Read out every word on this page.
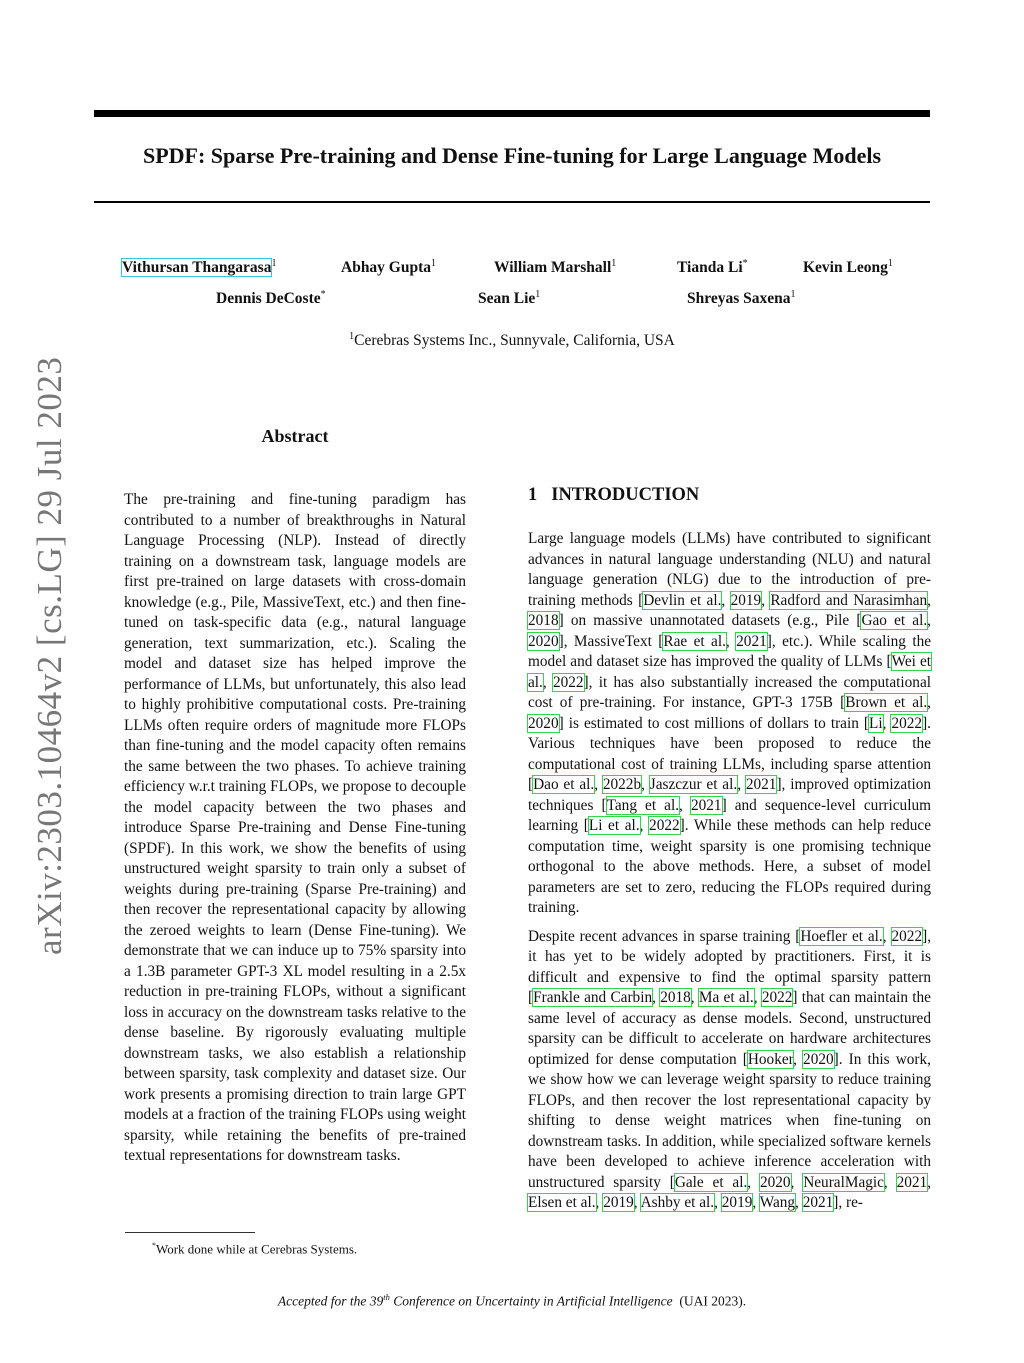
arXiv:2303.10464v2 [cs.LG] 29 Jul 2023
SPDF: Sparse Pre-training and Dense Fine-tuning for Large Language Models
Vithursan Thangarasa$^1$	Abhay Gupta$^1$	William Marshall$^1$	Tianda Li*	Kevin Leong$^1$
Dennis DeCoste*	Sean Lie$^1$	Shreyas Saxena$^1$
$^1$Cerebras Systems Inc., Sunnyvale, California, USA
Abstract

The pre-training and fine-tuning paradigm has contributed to a number of breakthroughs in Natural Language Processing (NLP). Instead of directly training on a downstream task, language models are first pre-trained on large datasets with cross-domain knowledge (e.g., Pile, MassiveText, etc.) and then fine-tuned on task-specific data (e.g., natural language generation, text summarization, etc.). Scaling the model and dataset size has helped improve the performance of LLMs, but unfortunately, this also lead to highly prohibitive computational costs. Pre-training LLMs often require orders of magnitude more FLOPs than fine-tuning and the model capacity often remains the same between the two phases. To achieve training efficiency w.r.t training FLOPs, we propose to decouple the model capacity between the two phases and introduce Sparse Pre-training and Dense Fine-tuning (SPDF). In this work, we show the benefits of using unstructured weight sparsity to train only a subset of weights during pre-training (Sparse Pre-training) and then recover the representational capacity by allowing the zeroed weights to learn (Dense Fine-tuning). We demonstrate that we can induce up to 75% sparsity into a 1.3B parameter GPT-3 XL model resulting in a 2.5x reduction in pre-training FLOPs, without a significant loss in accuracy on the downstream tasks relative to the dense baseline. By rigorously evaluating multiple downstream tasks, we also establish a relationship between sparsity, task complexity and dataset size. Our work presents a promising direction to train large GPT models at a fraction of the training FLOPs using weight sparsity, while retaining the benefits of pre-trained textual representations for downstream tasks.

*Work done while at Cerebras Systems.
1 INTRODUCTION

Large language models (LLMs) have contributed to significant advances in natural language understanding (NLU) and natural language generation (NLG) due to the introduction of pre-training methods [Devlin et al., 2019, Radford and Narasimhan, 2018] on massive unannotated datasets (e.g., Pile [Gao et al., 2020], MassiveText [Rae et al., 2021], etc.). While scaling the model and dataset size has improved the quality of LLMs [Wei et al., 2022], it has also substantially increased the computational cost of pre-training. For instance, GPT-3 175B [Brown et al., 2020] is estimated to cost millions of dollars to train [Li, 2022]. Various techniques have been proposed to reduce the computational cost of training LLMs, including sparse attention [Dao et al., 2022b, Jaszczur et al., 2021], improved optimization techniques [Tang et al., 2021] and sequence-level curriculum learning [Li et al., 2022]. While these methods can help reduce computation time, weight sparsity is one promising technique orthogonal to the above methods. Here, a subset of model parameters are set to zero, reducing the FLOPs required during training.

Despite recent advances in sparse training [Hoefler et al., 2022], it has yet to be widely adopted by practitioners. First, it is difficult and expensive to find the optimal sparsity pattern [Frankle and Carbin, 2018, Ma et al., 2022] that can maintain the same level of accuracy as dense models. Second, unstructured sparsity can be difficult to accelerate on hardware architectures optimized for dense computation [Hooker, 2020]. In this work, we show how we can leverage weight sparsity to reduce training FLOPs, and then recover the lost representational capacity by shifting to dense weight matrices when fine-tuning on downstream tasks. In addition, while specialized software kernels have been developed to achieve inference acceleration with unstructured sparsity [Gale et al., 2020, NeuralMagic, 2021, Elsen et al., 2019, Ashby et al., 2019, Wang, 2021], re-

Accepted for the 39th Conference on Uncertainty in Artificial Intelligence (UAI 2023).
